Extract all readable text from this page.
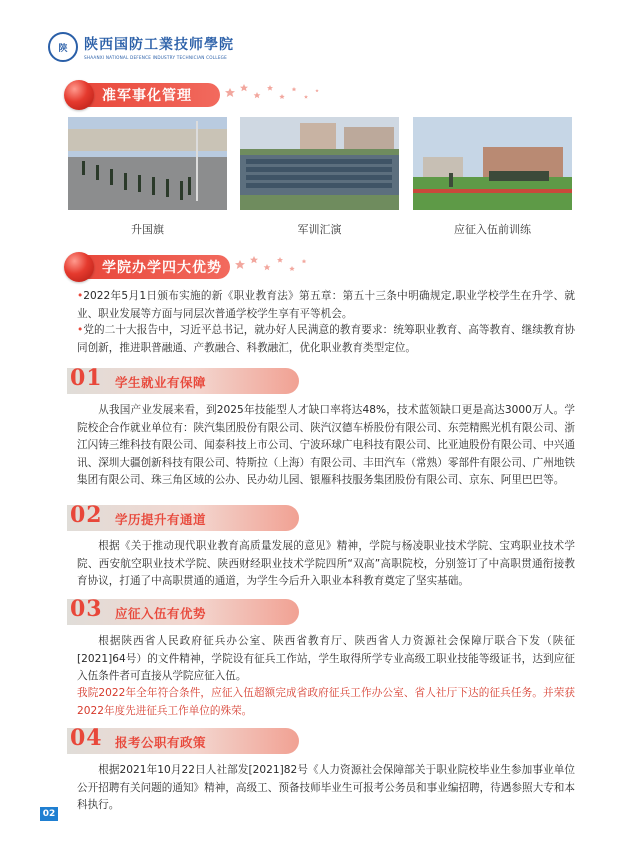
陕 陕西国防工業技师學院
SHAANXI NATIONAL DEFENCE INDUSTRY TECHNICIAN COLLEGE
准军事化管理
升国旗	军训汇演	应征入伍前训练
学院办学四大优势

•2022年5月1日颁布实施的新《职业教育法》第五章：第五十三条中明确规定,职业学校学生在升学、就业、职业发展等方面与同层次普通学校学生享有平等机会。

•党的二十大报告中，习近平总书记，就办好人民满意的教育要求：统筹职业教育、高等教育、继续教育协同创新，推进职普融通、产教融合、科教融汇，优化职业教育类型定位。

01 学生就业有保障

从我国产业发展来看，到2025年技能型人才缺口率将达48%，技术蓝领缺口更是高达3000万人。学院校企合作就业单位有：陕汽集团股份有限公司、陕汽汉德车桥股份有限公司、东莞精熙光机有限公司、浙江闪铸三维科技有限公司、闻泰科技上市公司、宁波环球广电科技有限公司、比亚迪股份有限公司、中兴通讯、深圳大疆创新科技有限公司、特斯拉（上海）有限公司、丰田汽车（常熟）零部件有限公司、广州地铁集团有限公司、珠三角区域的公办、民办幼儿园、银雁科技服务集团股份有限公司、京东、阿里巴巴等。

02 学历提升有通道

根据《关于推动现代职业教育高质量发展的意见》精神，学院与杨凌职业技术学院、宝鸡职业技术学院、西安航空职业技术学院、陕西财经职业技术学院四所“双高”高职院校，分别签订了中高职贯通衔接教育协议，打通了中高职贯通的通道，为学生今后升入职业本科教育奠定了坚实基础。

03 应征入伍有优势

根据陕西省人民政府征兵办公室、陕西省教育厅、陕西省人力资源社会保障厅联合下发（陕征[2021]64号）的文件精神，学院设有征兵工作站，学生取得所学专业高级工职业技能等级证书，达到应征入伍条件者可直接从学院应征入伍。

我院2022年全年符合条件，应征入伍超额完成省政府征兵工作办公室、省人社厅下达的征兵任务。并荣获2022年度先进征兵工作单位的殊荣。

04 报考公职有政策

根据2021年10月22日人社部发[2021]82号《人力资源社会保障部关于职业院校毕业生参加事业单位公开招聘有关问题的通知》精神，高级工、预备技师毕业生可报考公务员和事业编招聘，待遇参照大专和本科执行。

02
